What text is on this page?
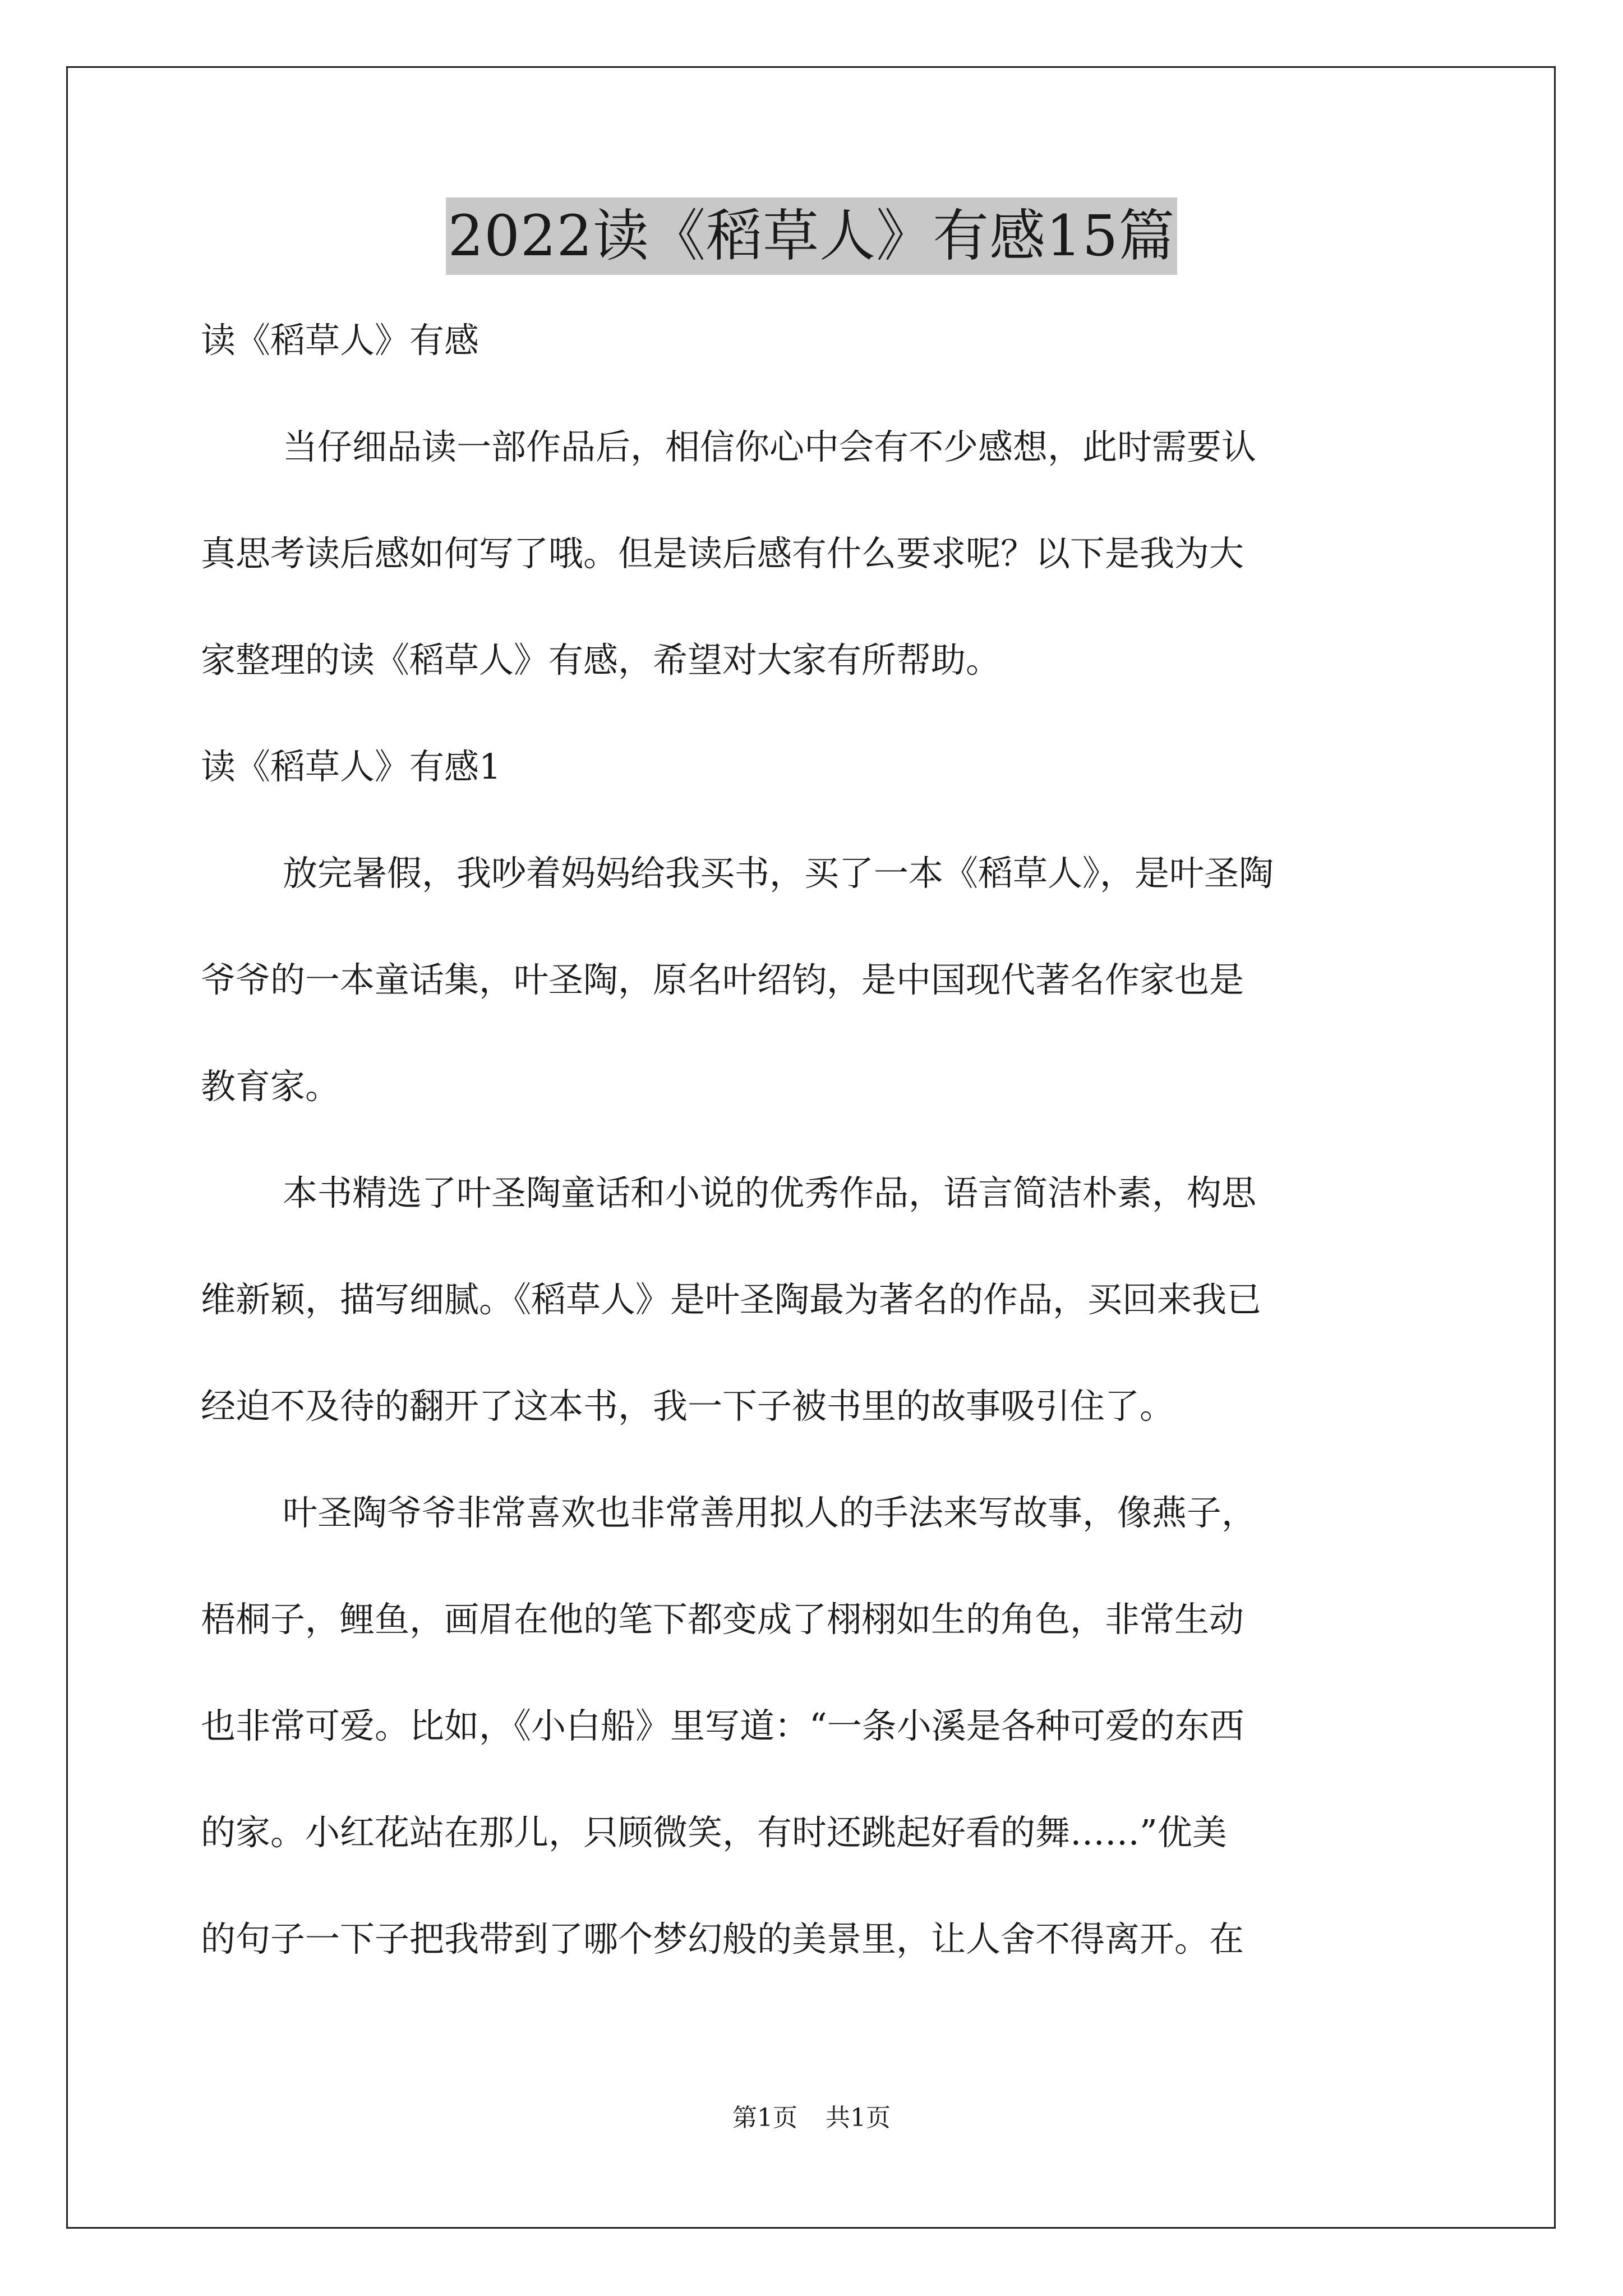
2022读《稻草人》有感15篇

读《稻草人》有感

当仔细品读一部作品后，相信你心中会有不少感想，此时需要认

真思考读后感如何写了哦。但是读后感有什么要求呢？以下是我为大

家整理的读《稻草人》有感，希望对大家有所帮助。

读《稻草人》有感1

放完暑假，我吵着妈妈给我买书，买了一本《稻草人》，是叶圣陶

爷爷的一本童话集，叶圣陶，原名叶绍钧，是中国现代著名作家也是

教育家。

本书精选了叶圣陶童话和小说的优秀作品，语言简洁朴素，构思

维新颖，描写细腻。《稻草人》是叶圣陶最为著名的作品，买回来我已

经迫不及待的翻开了这本书，我一下子被书里的故事吸引住了。

叶圣陶爷爷非常喜欢也非常善用拟人的手法来写故事，像燕子，

梧桐子，鲤鱼，画眉在他的笔下都变成了栩栩如生的角色，非常生动

也非常可爱。比如，《小白船》里写道：“一条小溪是各种可爱的东西

的家。小红花站在那儿，只顾微笑，有时还跳起好看的舞……”优美

的句子一下子把我带到了哪个梦幻般的美景里，让人舍不得离开。在

第1页 共1页
